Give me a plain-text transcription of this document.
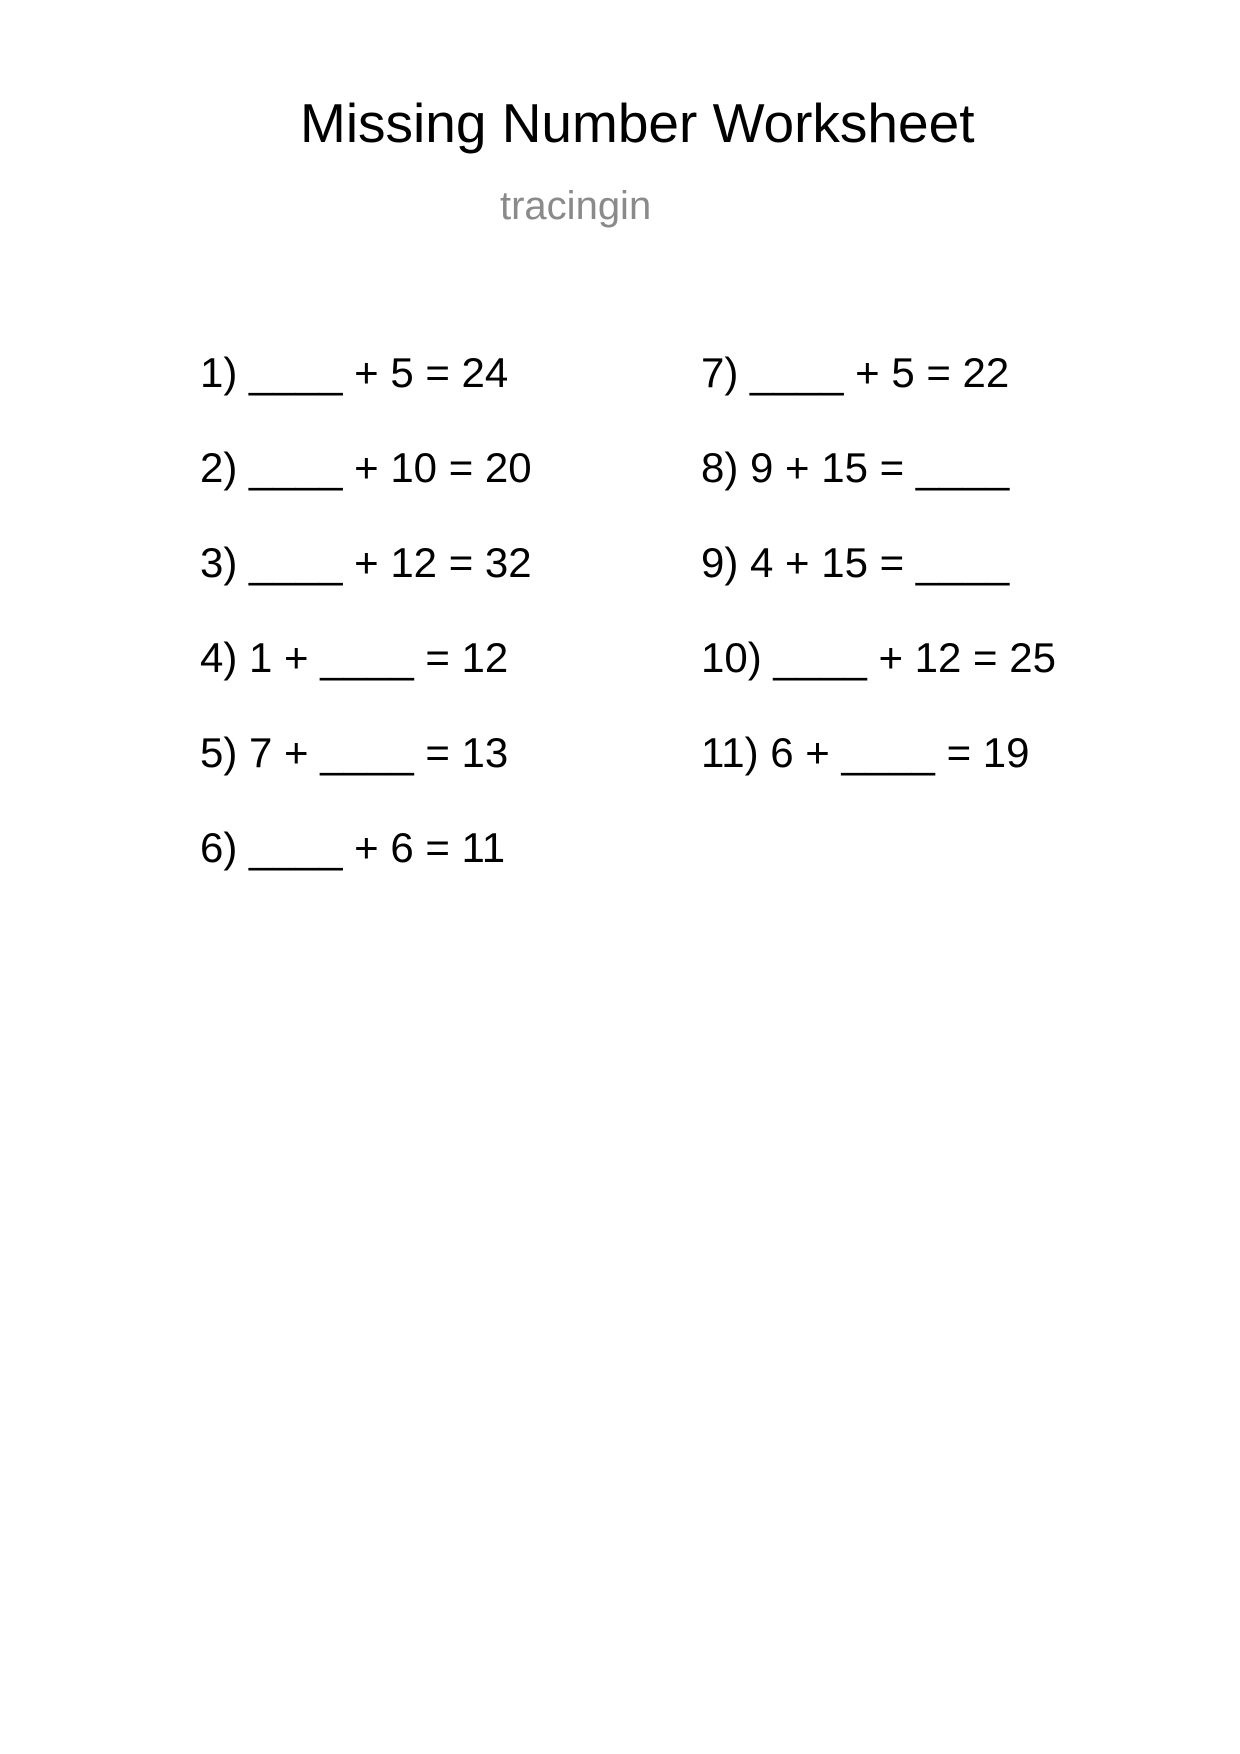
Missing Number Worksheet
tracingin
1) ____ + 5 = 24
2) ____ + 10 = 20
3) ____ + 12 = 32
4) 1 + ____ = 12
5) 7 + ____ = 13
6) ____ + 6 = 11
7) ____ + 5 = 22
8) 9 + 15 = ____
9) 4 + 15 = ____
10) ____ + 12 = 25
11) 6 + ____ = 19
